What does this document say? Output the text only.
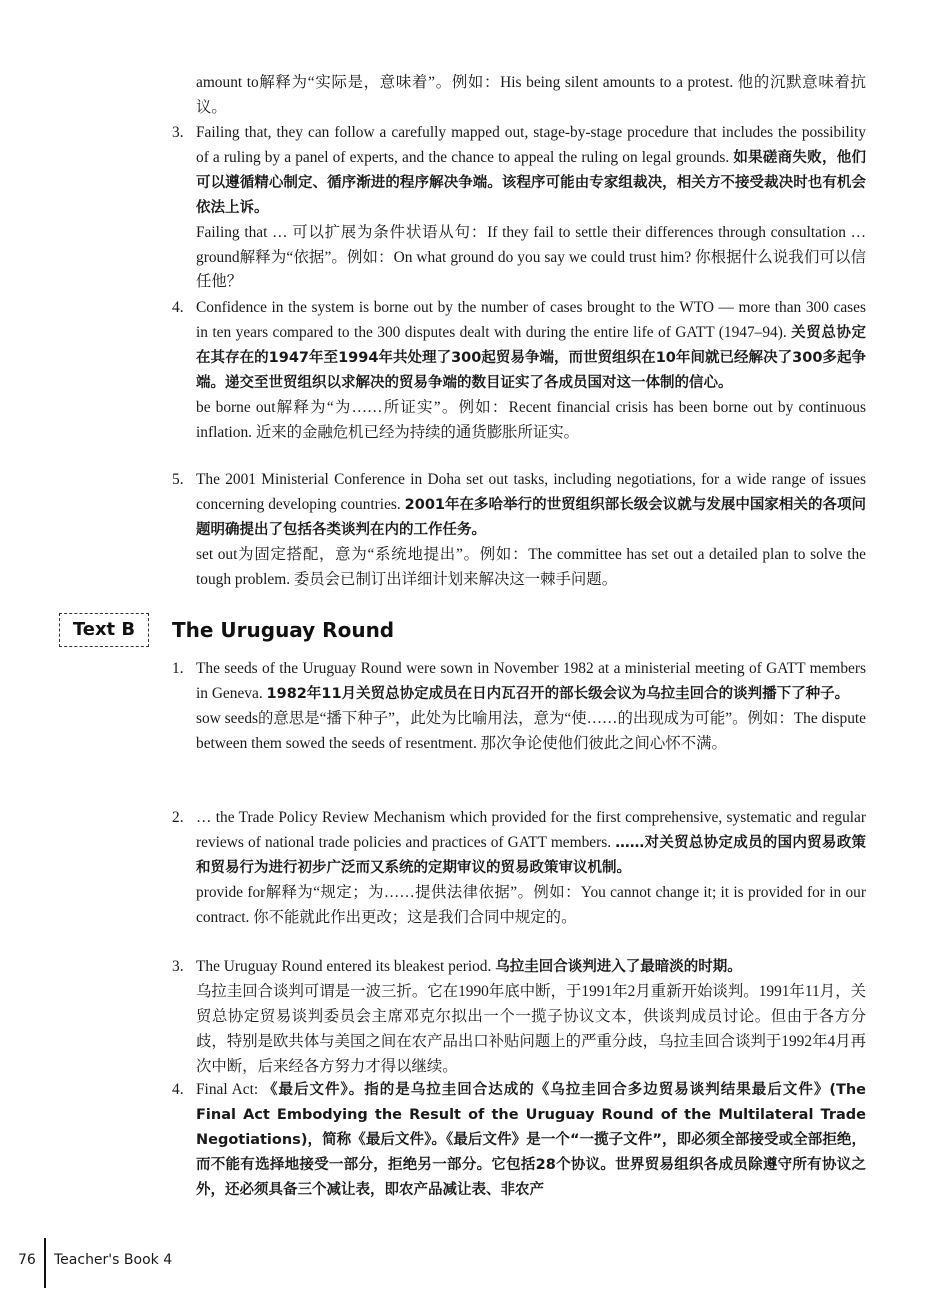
amount to解释为“实际是，意味着”。例如：His being silent amounts to a protest. 他的沉默意味着抗议。
3. Failing that, they can follow a carefully mapped out, stage-by-stage procedure that includes the possibility of a ruling by a panel of experts, and the chance to appeal the ruling on legal grounds. 如果磋商失败，他们可以遵循精心制定、循序渐进的程序解决争端。该程序可能由专家组裁决，相关方不接受裁决时也有机会依法上诉。
Failing that … 可以扩展为条件状语从句：If they fail to settle their differences through consultation … ground解释为“依据”。例如：On what ground do you say we could trust him? 你根据什么说我们可以信任他？
4. Confidence in the system is borne out by the number of cases brought to the WTO — more than 300 cases in ten years compared to the 300 disputes dealt with during the entire life of GATT (1947–94). 关贸总协定在其存在的1947年至1994年共处理了300起贸易争端，而世贸组织在10年间就已经解决了300多起争端。递交至世贸组织以求解决的贸易争端的数目证实了各成员国对这一体制的信心。
be borne out解释为“为……所证实”。例如：Recent financial crisis has been borne out by continuous inflation. 近来的金融危机已经为持续的通货膨胀所证实。
5. The 2001 Ministerial Conference in Doha set out tasks, including negotiations, for a wide range of issues concerning developing countries. 2001年在多哈举行的世贸组织部长级会议就与发展中国家相关的各项问题明确提出了包括各类谈判在内的工作任务。
set out为固定搭配，意为“系统地提出”。例如：The committee has set out a detailed plan to solve the tough problem. 委员会已制订出详细计划来解决这一棘手问题。
Text B	The Uruguay Round
1. The seeds of the Uruguay Round were sown in November 1982 at a ministerial meeting of GATT members in Geneva. 1982年11月关贸总协定成员在日内瓦召开的部长级会议为乌拉圭回合的谈判播下了种子。
sow seeds的意思是“播下种子”，此处为比喻用法，意为“使……的出现成为可能”。例如：The dispute between them sowed the seeds of resentment. 那次争论使他们彼此之间心怀不满。
2. … the Trade Policy Review Mechanism which provided for the first comprehensive, systematic and regular reviews of national trade policies and practices of GATT members. ……对关贸总协定成员的国内贸易政策和贸易行为进行初步广泛而又系统的定期审议的贸易政策审议机制。
provide for解释为“规定；为……提供法律依据”。例如：You cannot change it; it is provided for in our contract. 你不能就此作出更改；这是我们合同中规定的。
3. The Uruguay Round entered its bleakest period. 乌拉圭回合谈判进入了最暗淡的时期。
乌拉圭回合谈判可谓是一波三折。它在1990年底中断，于1991年2月重新开始谈判。1991年11月，关贸总协定贸易谈判委员会主席邓克尔拟出一个一揽子协议文本，供谈判成员讨论。但由于各方分歧，特别是欧共体与美国之间在农产品出口补贴问题上的严重分歧，乌拉圭回合谈判于1992年4月再次中断，后来经各方努力才得以继续。
4. Final Act: 《最后文件》。指的是乌拉圭回合达成的《乌拉圭回合多边贸易谈判结果最后文件》(The Final Act Embodying the Result of the Uruguay Round of the Multilateral Trade Negotiations)，简称《最后文件》。《最后文件》是一个“一揽子文件”，即必须全部接受或全部拒绝，而不能有选择地接受一部分，拒绝另一部分。它包括28个协议。世界贸易组织各成员除遵守所有协议之外，还必须具备三个减让表，即农产品减让表、非农产
76 Teacher's Book 4
